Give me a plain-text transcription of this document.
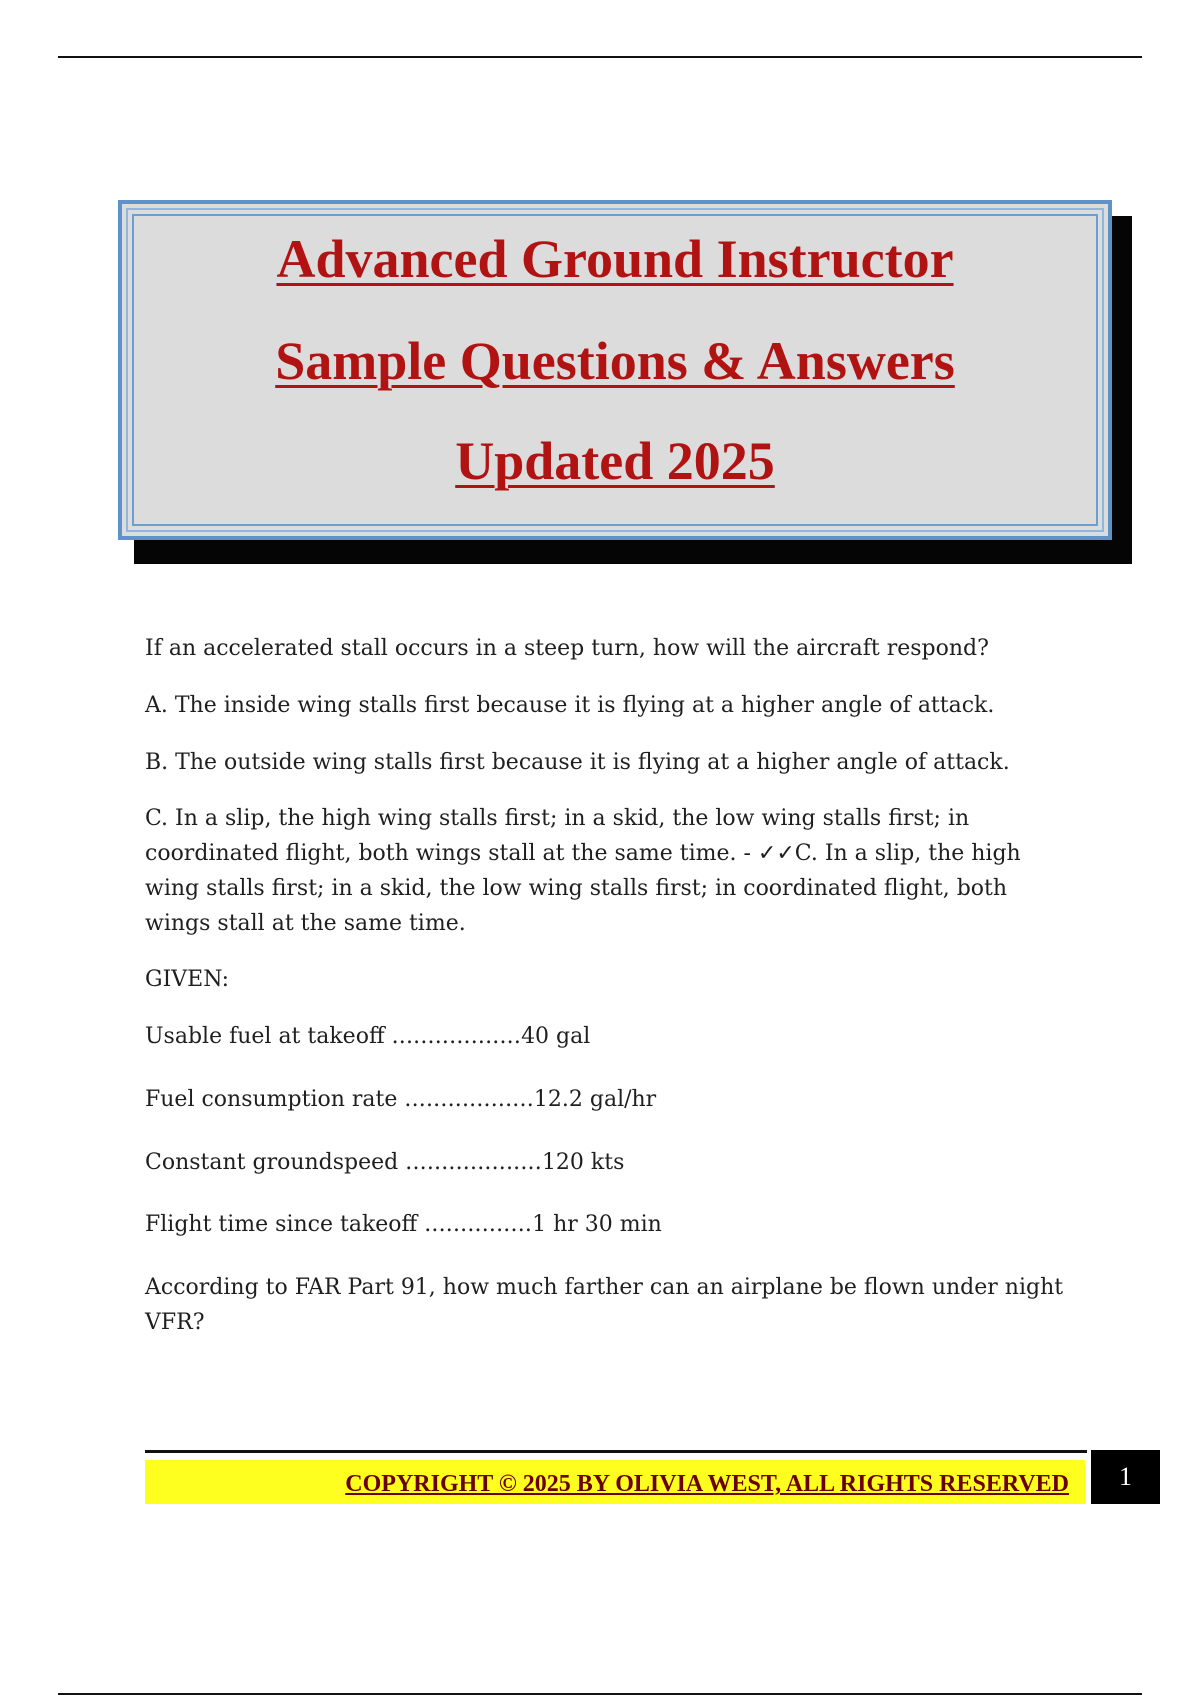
Advanced Ground Instructor
Sample Questions & Answers
Updated 2025

If an accelerated stall occurs in a steep turn, how will the aircraft respond?

A. The inside wing stalls first because it is flying at a higher angle of attack.

B. The outside wing stalls first because it is flying at a higher angle of attack.

C. In a slip, the high wing stalls first; in a skid, the low wing stalls first; in coordinated flight, both wings stall at the same time. - ✓✓C. In a slip, the high wing stalls first; in a skid, the low wing stalls first; in coordinated flight, both wings stall at the same time.

GIVEN:

Usable fuel at takeoff ..................40 gal
Fuel consumption rate ..................12.2 gal/hr
Constant groundspeed ...................120 kts
Flight time since takeoff ...............1 hr 30 min

According to FAR Part 91, how much farther can an airplane be flown under night VFR?

COPYRIGHT © 2025 BY OLIVIA WEST, ALL RIGHTS RESERVED	1
